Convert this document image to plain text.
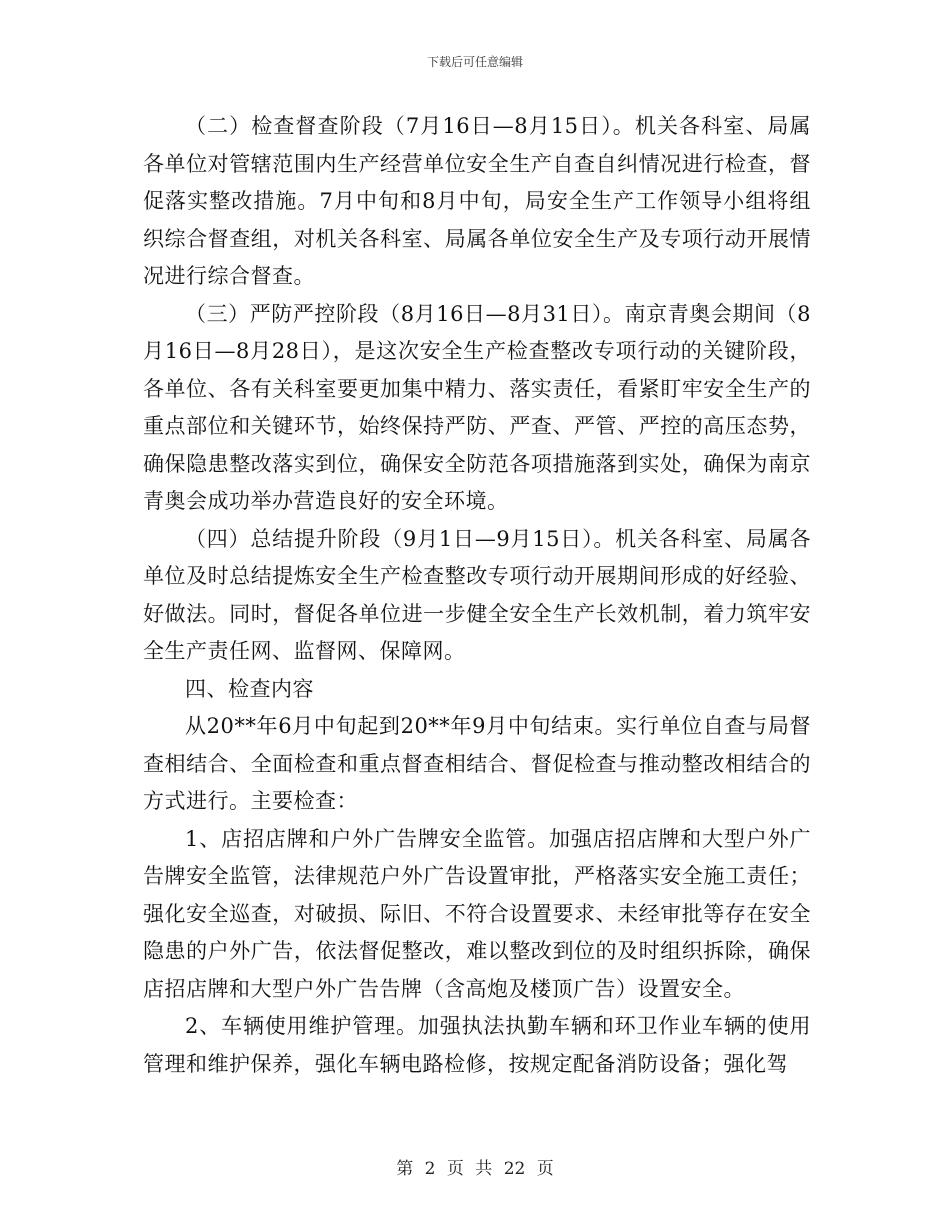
下载后可任意编辑

（二）检查督查阶段（7月16日—8月15日）。机关各科室、局属各单位对管辖范围内生产经营单位安全生产自查自纠情况进行检查，督促落实整改措施。7月中旬和8月中旬，局安全生产工作领导小组将组织综合督查组，对机关各科室、局属各单位安全生产及专项行动开展情况进行综合督查。

（三）严防严控阶段（8月16日—8月31日）。南京青奥会期间（8月16日—8月28日），是这次安全生产检查整改专项行动的关键阶段，各单位、各有关科室要更加集中精力、落实责任，看紧盯牢安全生产的重点部位和关键环节，始终保持严防、严查、严管、严控的高压态势，确保隐患整改落实到位，确保安全防范各项措施落到实处，确保为南京青奥会成功举办营造良好的安全环境。

（四）总结提升阶段（9月1日—9月15日）。机关各科室、局属各单位及时总结提炼安全生产检查整改专项行动开展期间形成的好经验、好做法。同时，督促各单位进一步健全安全生产长效机制，着力筑牢安全生产责任网、监督网、保障网。

四、检查内容

从20**年6月中旬起到20**年9月中旬结束。实行单位自查与局督查相结合、全面检查和重点督查相结合、督促检查与推动整改相结合的方式进行。主要检查：

1、店招店牌和户外广告牌安全监管。加强店招店牌和大型户外广告牌安全监管，法律规范户外广告设置审批，严格落实安全施工责任；强化安全巡查，对破损、际旧、不符合设置要求、未经审批等存在安全隐患的户外广告，依法督促整改，难以整改到位的及时组织拆除，确保店招店牌和大型户外广告告牌（含高炮及楼顶广告）设置安全。

2、车辆使用维护管理。加强执法执勤车辆和环卫作业车辆的使用管理和维护保养，强化车辆电路检修，按规定配备消防设备；强化驾

第 2 页 共 22 页
